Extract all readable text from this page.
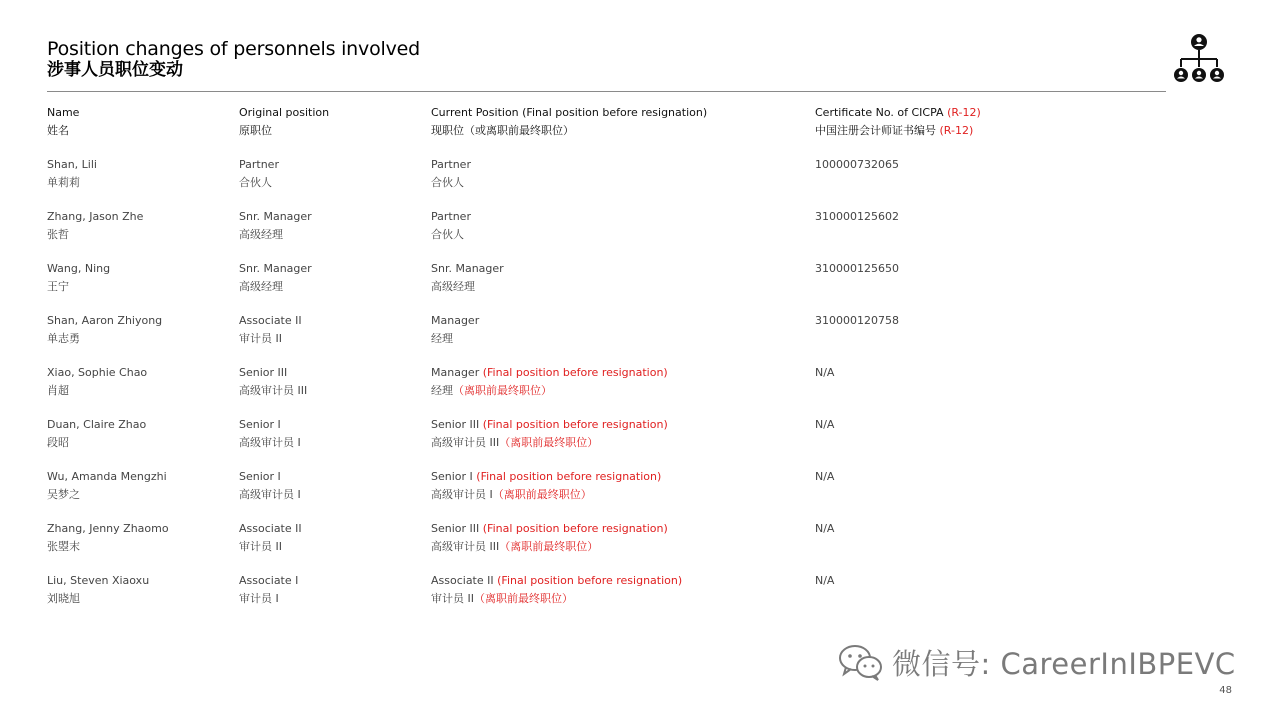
Position changes of personnels involved
涉事人员职位变动
Name
姓名
Original position
原职位
Current Position (Final position before resignation)
现职位（或离职前最终职位）
Certificate No. of CICPA (R-12)
中国注册会计师证书编号 (R-12)
Shan, Lili
单莉莉
Partner
合伙人
Partner
合伙人
100000732065
Zhang, Jason Zhe
张哲
Snr. Manager
高级经理
Partner
合伙人
310000125602
Wang, Ning
王宁
Snr. Manager
高级经理
Snr. Manager
高级经理
310000125650
Shan, Aaron Zhiyong
单志勇
Associate II
审计员 II
Manager
经理
310000120758
Xiao, Sophie Chao
肖超
Senior III
高级审计员 III
Manager (Final position before resignation)
经理（离职前最终职位）
N/A
Duan, Claire Zhao
段昭
Senior I
高级审计员 I
Senior III (Final position before resignation)
高级审计员 III（离职前最终职位）
N/A
Wu, Amanda Mengzhi
吴梦之
Senior I
高级审计员 I
Senior I (Final position before resignation)
高级审计员 I（离职前最终职位）
N/A
Zhang, Jenny Zhaomo
张曌末
Associate II
审计员 II
Senior III (Final position before resignation)
高级审计员 III（离职前最终职位）
N/A
Liu, Steven Xiaoxu
刘晓旭
Associate I
审计员 I
Associate II (Final position before resignation)
审计员 II（离职前最终职位）
N/A
微信号: CareerInIBPEVC
48
